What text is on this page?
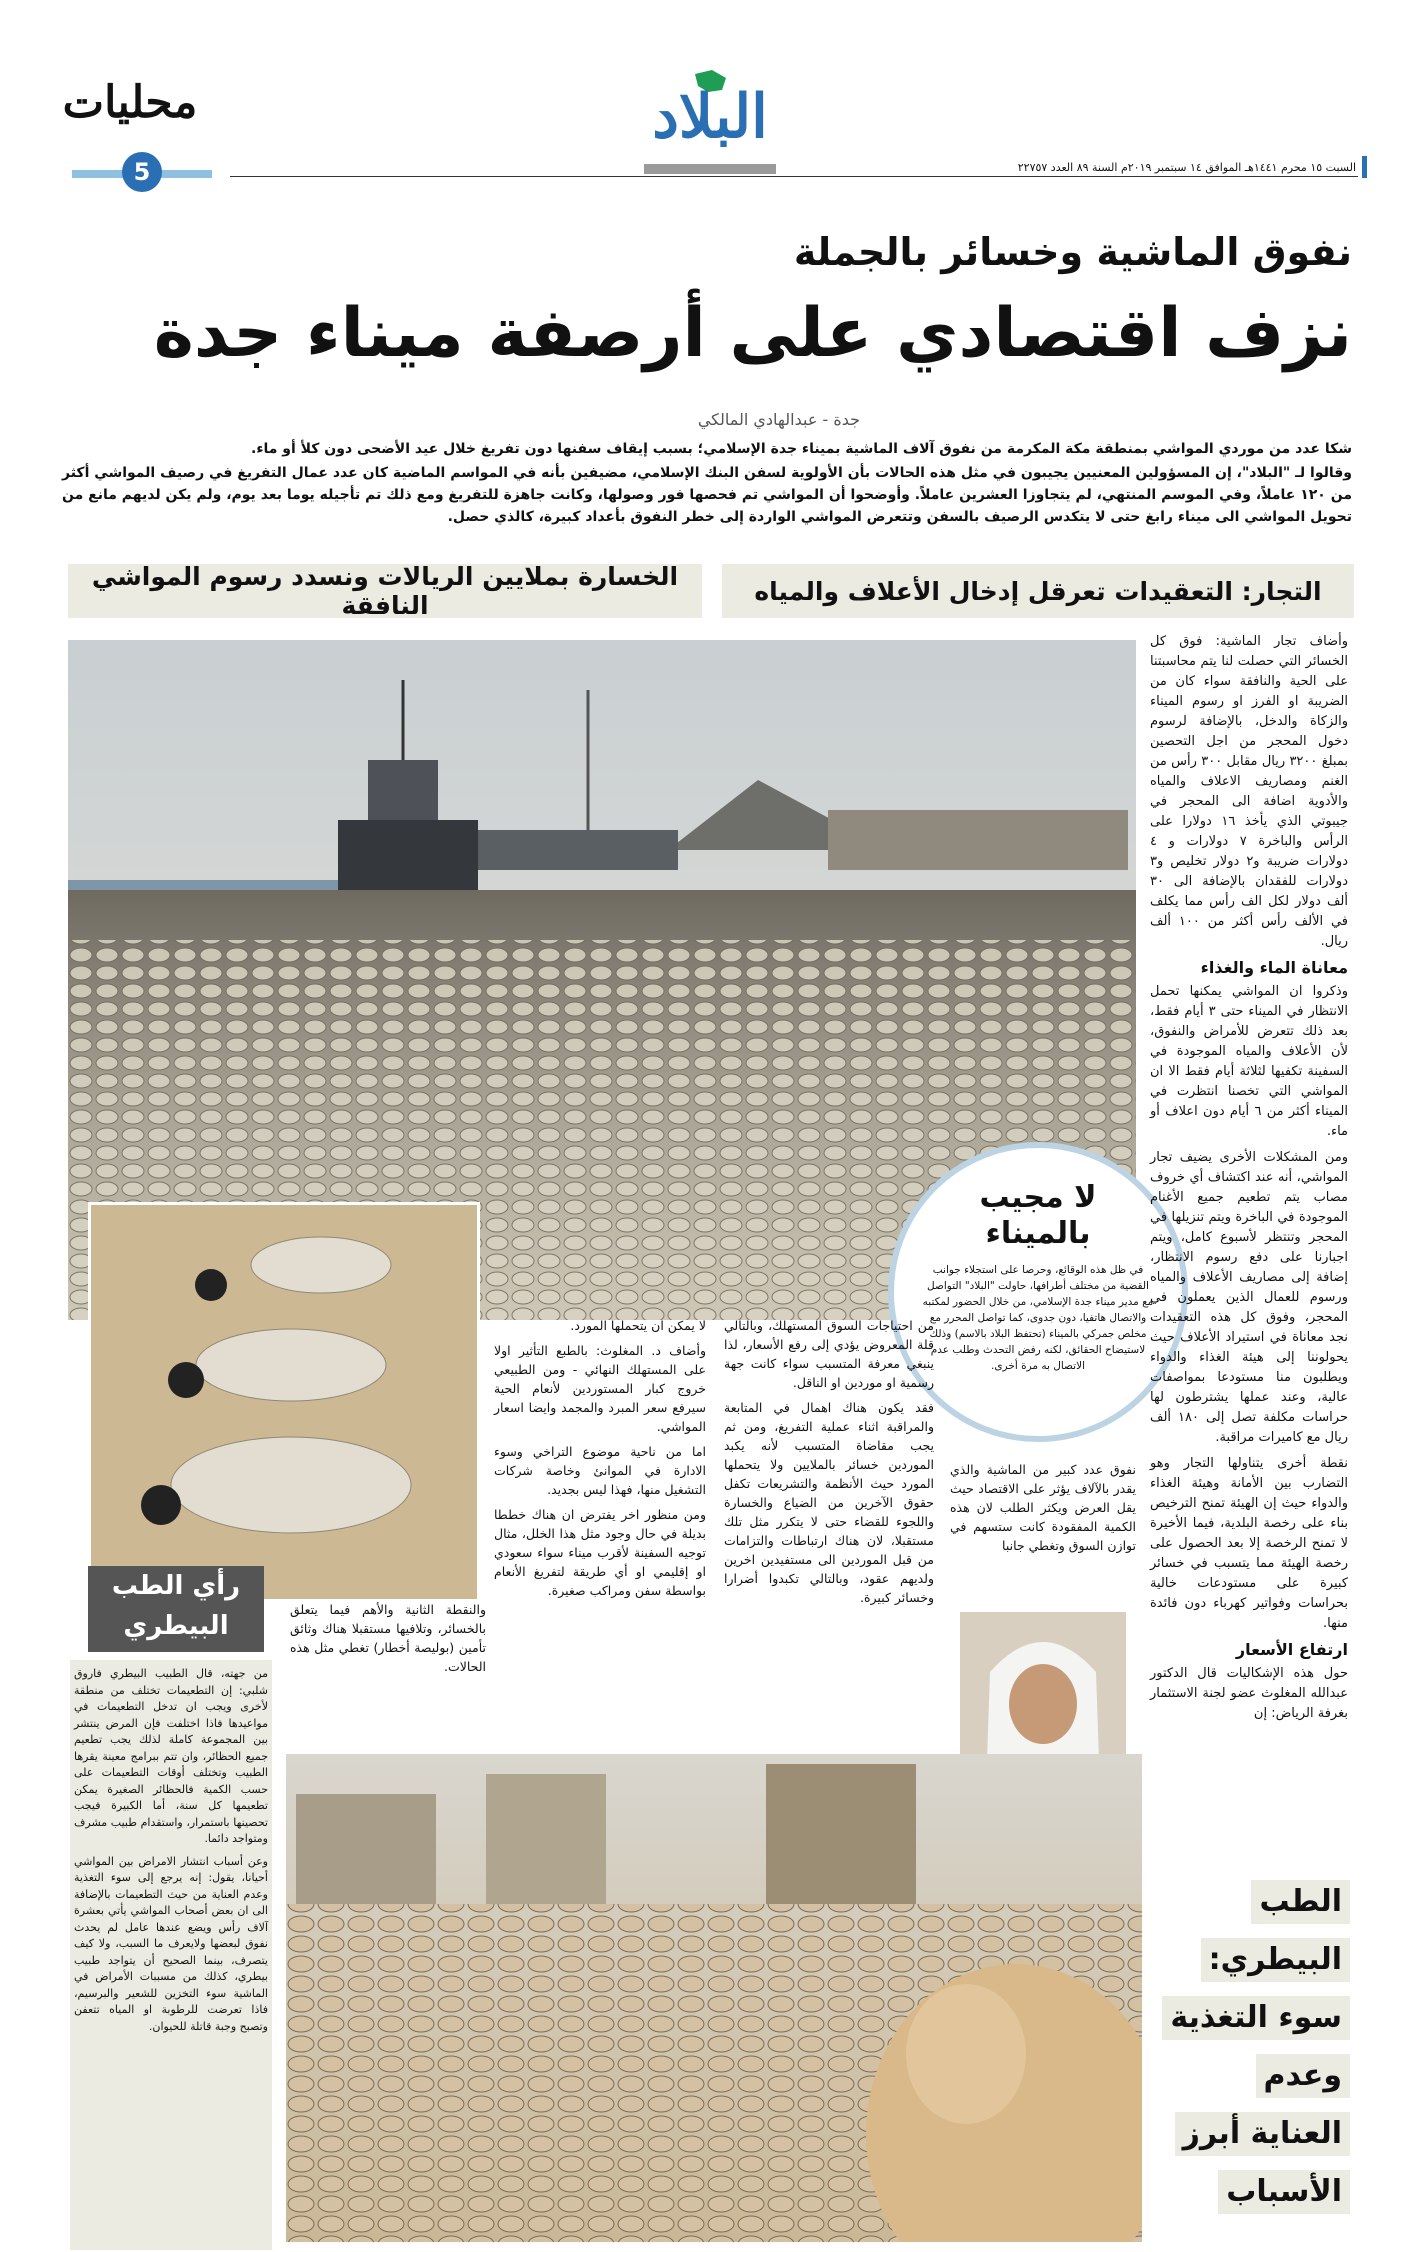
محليات
5
البلاد
السبت ١٥ محرم ١٤٤١هـ الموافق ١٤ سبتمبر ٢٠١٩م السنة ٨٩ العدد ٢٢٧٥٧
نفوق الماشية وخسائر بالجملة
نزف اقتصادي على أرصفة ميناء جدة
جدة - عبدالهادي المالكي

شكا عدد من موردي المواشي بمنطقة مكة المكرمة من نفوق آلاف الماشية بميناء جدة الإسلامي؛ بسبب إيقاف سفنها دون تفريغ خلال عيد الأضحى دون كلأ أو ماء.

وقالوا لـ "البلاد"، إن المسؤولين المعنيين يجيبون في مثل هذه الحالات بأن الأولوية لسفن البنك الإسلامي، مضيفين بأنه في المواسم الماضية كان عدد عمال التفريغ في رصيف المواشي أكثر من ١٢٠ عاملاً، وفي الموسم المنتهي، لم يتجاوزا العشرين عاملاً. وأوضحوا أن المواشي تم فحصها فور وصولها، وكانت جاهزة للتفريغ ومع ذلك تم تأجيله يوما بعد يوم، ولم يكن لديهم مانع من تحويل المواشي الى ميناء رابغ حتى لا يتكدس الرصيف بالسفن وتتعرض المواشي الواردة إلى خطر النفوق بأعداد كبيرة، كالذي حصل.

التجار: التعقيدات تعرقل إدخال الأعلاف والمياه
الخسارة بملايين الريالات ونسدد رسوم المواشي النافقة
لا مجيب
بالميناء
في ظل هذه الوقائع، وحرصا على استجلاء جوانب القضية من مختلف أطرافها، حاولت "البلاد" التواصل مع مدير ميناء جدة الإسلامي، من خلال الحضور لمكتبه والاتصال هاتفيا، دون جدوى، كما تواصل المحرر مع مخلص جمركي بالميناء (تحتفظ البلاد بالاسم) وذلك لاستيضاح الحقائق، لكنه رفض التحدث وطلب عدم الاتصال به مرة أخرى.

وأضاف تجار الماشية: فوق كل الخسائر التي حصلت لنا يتم محاسبتنا على الحية والنافقة سواء كان من الضريبة او الفرز او رسوم الميناء والزكاة والدخل، بالإضافة لرسوم دخول المحجر من اجل التحصين بمبلغ ٣٢٠٠ ريال مقابل ٣٠٠ رأس من الغنم ومصاريف الاعلاف والمياه والأدوية اضافة الى المحجر في جيبوتي الذي يأخذ ١٦ دولارا على الرأس والباخرة ٧ دولارات و ٤ دولارات ضريبة و٢ دولار تخليص و٣ دولارات للفقدان بالإضافة الى ٣٠ ألف دولار لكل الف رأس مما يكلف في الألف رأس أكثر من ١٠٠ ألف ريال.

معاناة الماء والغذاء

وذكروا ان المواشي يمكنها تحمل الانتظار في الميناء حتى ٣ أيام فقط، بعد ذلك تتعرض للأمراض والنفوق، لأن الأعلاف والمياه الموجودة في السفينة تكفيها لثلاثة أيام فقط الا ان المواشي التي تخصنا انتظرت في الميناء أكثر من ٦ أيام دون اعلاف أو ماء.

ومن المشكلات الأخرى يضيف تجار المواشي، أنه عند اكتشاف أي خروف مصاب يتم تطعيم جميع الأغنام الموجودة في الباخرة ويتم تنزيلها في المحجر وتنتظر لأسبوع كامل، ويتم اجبارنا على دفع رسوم الانتظار، إضافة إلى مصاريف الأعلاف والمياه ورسوم للعمال الذين يعملون في المحجر، وفوق كل هذه التعقيدات نجد معاناة في استيراد الأعلاف حيث يحولوننا إلى هيئة الغذاء والدواء ويطلبون منا مستودعا بمواصفات عالية، وعند عملها يشترطون لها حراسات مكلفة تصل إلى ١٨٠ ألف ريال مع كاميرات مراقبة.

نقطة أخرى يتناولها التجار وهو التضارب بين الأمانة وهيئة الغذاء والدواء حيث إن الهيئة تمنح الترخيص بناء على رخصة البلدية، فيما الأخيرة لا تمنح الرخصة إلا بعد الحصول على رخصة الهيئة مما يتسبب في خسائر كبيرة على مستودعات خالية بحراسات وفواتير كهرباء دون فائدة منها.

ارتفاع الأسعار

حول هذه الإشكاليات قال الدكتور عبدالله المغلوث عضو لجنة الاستثمار بغرفة الرياض: إن

نفوق عدد كبير من الماشية والذي يقدر بالآلاف يؤثر على الاقتصاد حيث يقل العرض ويكثر الطلب لان هذه الكمية المفقودة كانت ستسهم في توازن السوق وتغطي جانبا

من احتياجات السوق المستهلك، وبالتالي قلة المعروض يؤدي إلى رفع الأسعار، لذا ينبغي معرفة المتسبب سواء كانت جهة رسمية او موردين او الناقل.

فقد يكون هناك اهمال في المتابعة والمراقبة اثناء عملية التفريغ، ومن ثم يجب مقاضاة المتسبب لأنه يكبد الموردين خسائر بالملايين ولا يتحملها المورد حيث الأنظمة والتشريعات تكفل حقوق الآخرين من الضياع والخسارة واللجوء للقضاء حتى لا يتكرر مثل تلك مستقبلا، لان هناك ارتباطات والتزامات من قبل الموردين الى مستفيدين اخرين ولديهم عقود، وبالتالي تكبدوا أضرارا وخسائر كبيرة.

لا يمكن ان يتحملها المورد.

وأضاف د. المغلوث: بالطبع التأثير اولا على المستهلك النهائي - ومن الطبيعي خروج كبار المستوردين لأنعام الحية سيرفع سعر المبرد والمجمد وايضا اسعار المواشي.

اما من ناحية موضوع التراخي وسوء الادارة في الموانئ وخاصة شركات التشغيل منها، فهذا ليس بجديد.

ومن منظور اخر يفترض ان هناك خططا بديلة في حال وجود مثل هذا الخلل، مثال توجيه السفينة لأقرب ميناء سواء سعودي او إقليمي او أي طريقة لتفريغ الأنعام بواسطة سفن ومراكب صغيرة.

والنقطة الثانية والأهم فيما يتعلق بالخسائر، وتلافيها مستقبلا هناك وثائق تأمين (بوليصة أخطار) تغطي مثل هذه الحالات.

رأي الطب
البيطري

من جهته، قال الطبيب البيطري فاروق شلبي: إن التطعيمات تختلف من منطقة لأخرى ويجب ان تدخل التطعيمات في مواعيدها فاذا اختلفت فإن المرض ينتشر بين المجموعة كاملة لذلك يجب تطعيم جميع الحظائر، وان تتم ببرامج معينة يقرها الطبيب وتختلف أوقات التطعيمات على حسب الكمية فالحظائر الصغيرة يمكن تطعيمها كل سنة، أما الكبيرة فيجب تحصينها باستمرار، واستقدام طبيب مشرف ومتواجد دائما.

وعن أسباب انتشار الامراض بين المواشي أحيانا، يقول: إنه يرجع إلى سوء التغذية وعدم العناية من حيث التطعيمات بالإضافة الى ان بعض أصحاب المواشي يأتي بعشرة آلاف رأس ويضع عندها عامل لم يحدث نفوق لبعضها ولايعرف ما السبب، ولا كيف يتصرف، بينما الصحيح أن يتواجد طبيب بيطري، كذلك من مسببات الأمراض في الماشية سوء التخزين للشعير والبرسيم، فاذا تعرضت للرطوبة او المياه تتعفن وتصبح وجبة قاتلة للحيوان.

الطب
البيطري:
سوء التغذية
وعدم
العناية أبرز
الأسباب
